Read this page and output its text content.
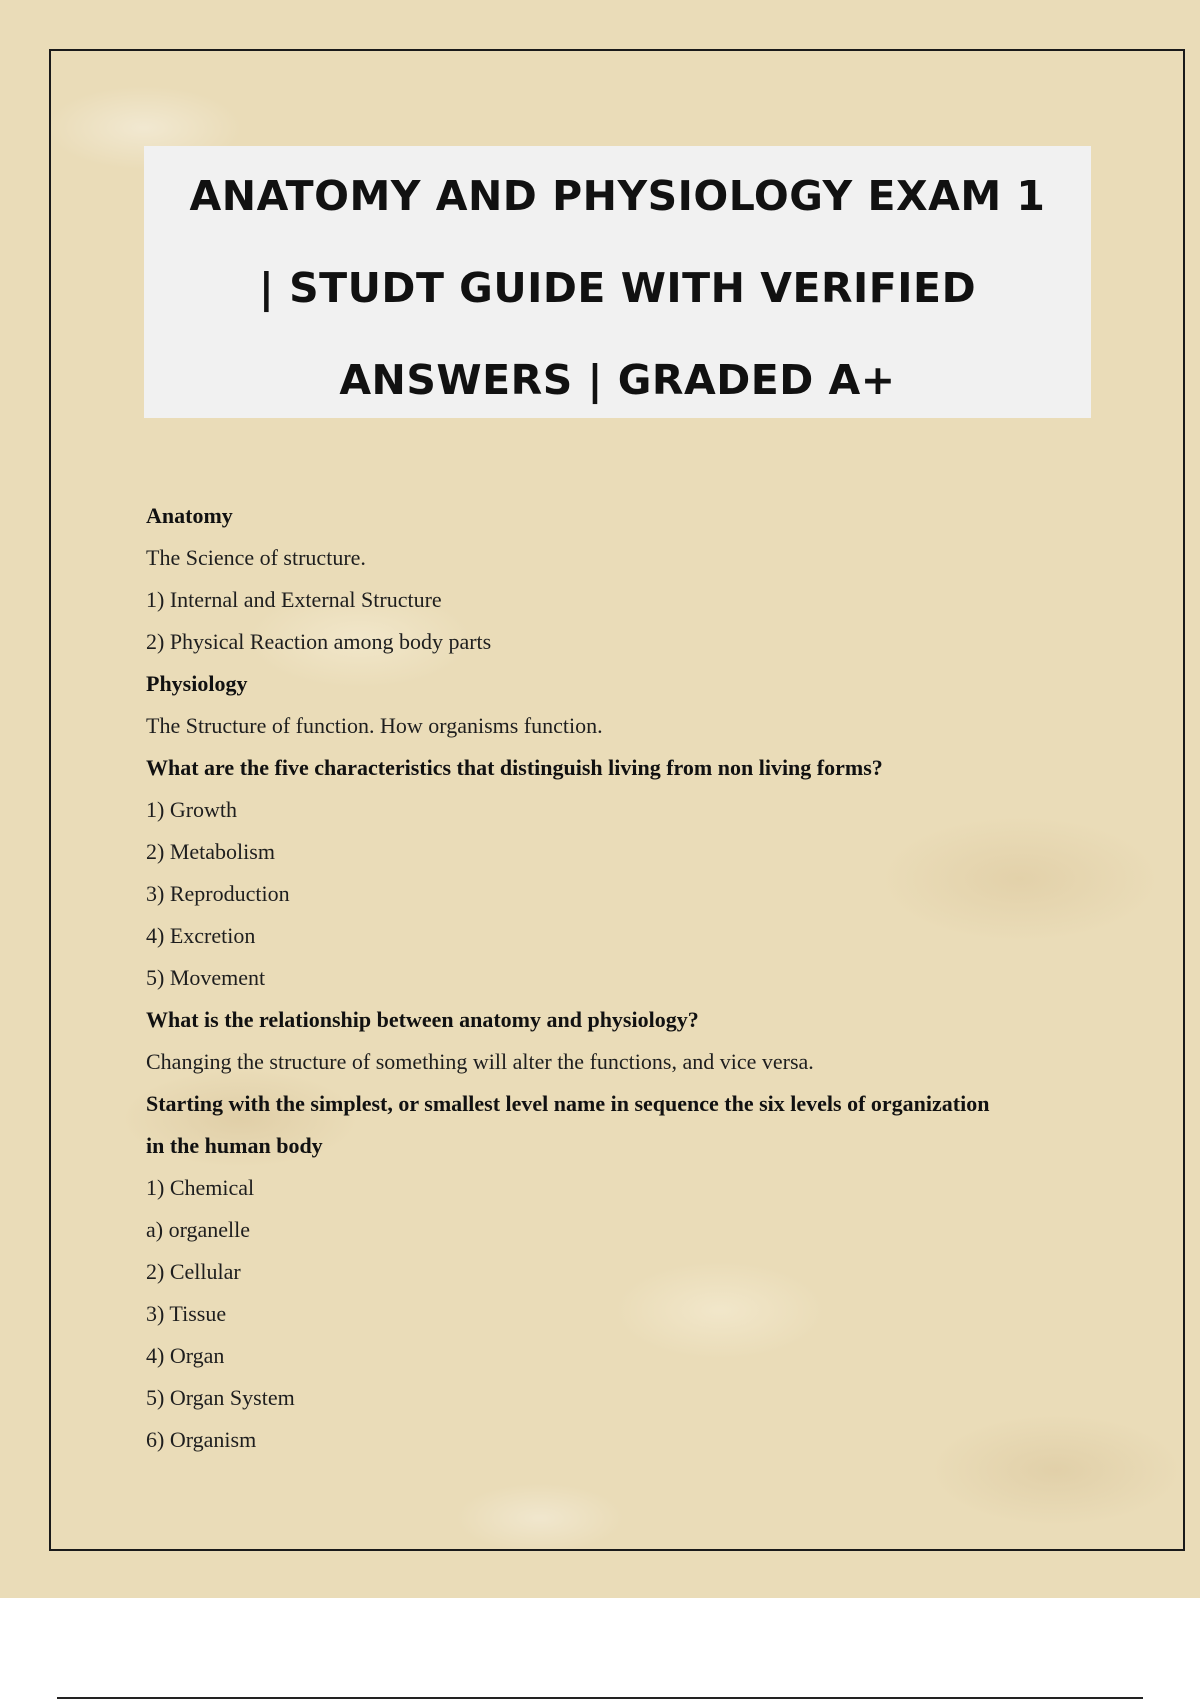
ANATOMY AND PHYSIOLOGY EXAM 1
| STUDT GUIDE WITH VERIFIED
ANSWERS | GRADED A+
Anatomy
The Science of structure.
1) Internal and External Structure
2) Physical Reaction among body parts
Physiology
The Structure of function. How organisms function.
What are the five characteristics that distinguish living from non living forms?
1) Growth
2) Metabolism
3) Reproduction
4) Excretion
5) Movement
What is the relationship between anatomy and physiology?
Changing the structure of something will alter the functions, and vice versa.
Starting with the simplest, or smallest level name in sequence the six levels of organization
in the human body
1) Chemical
a) organelle
2) Cellular
3) Tissue
4) Organ
5) Organ System
6) Organism
